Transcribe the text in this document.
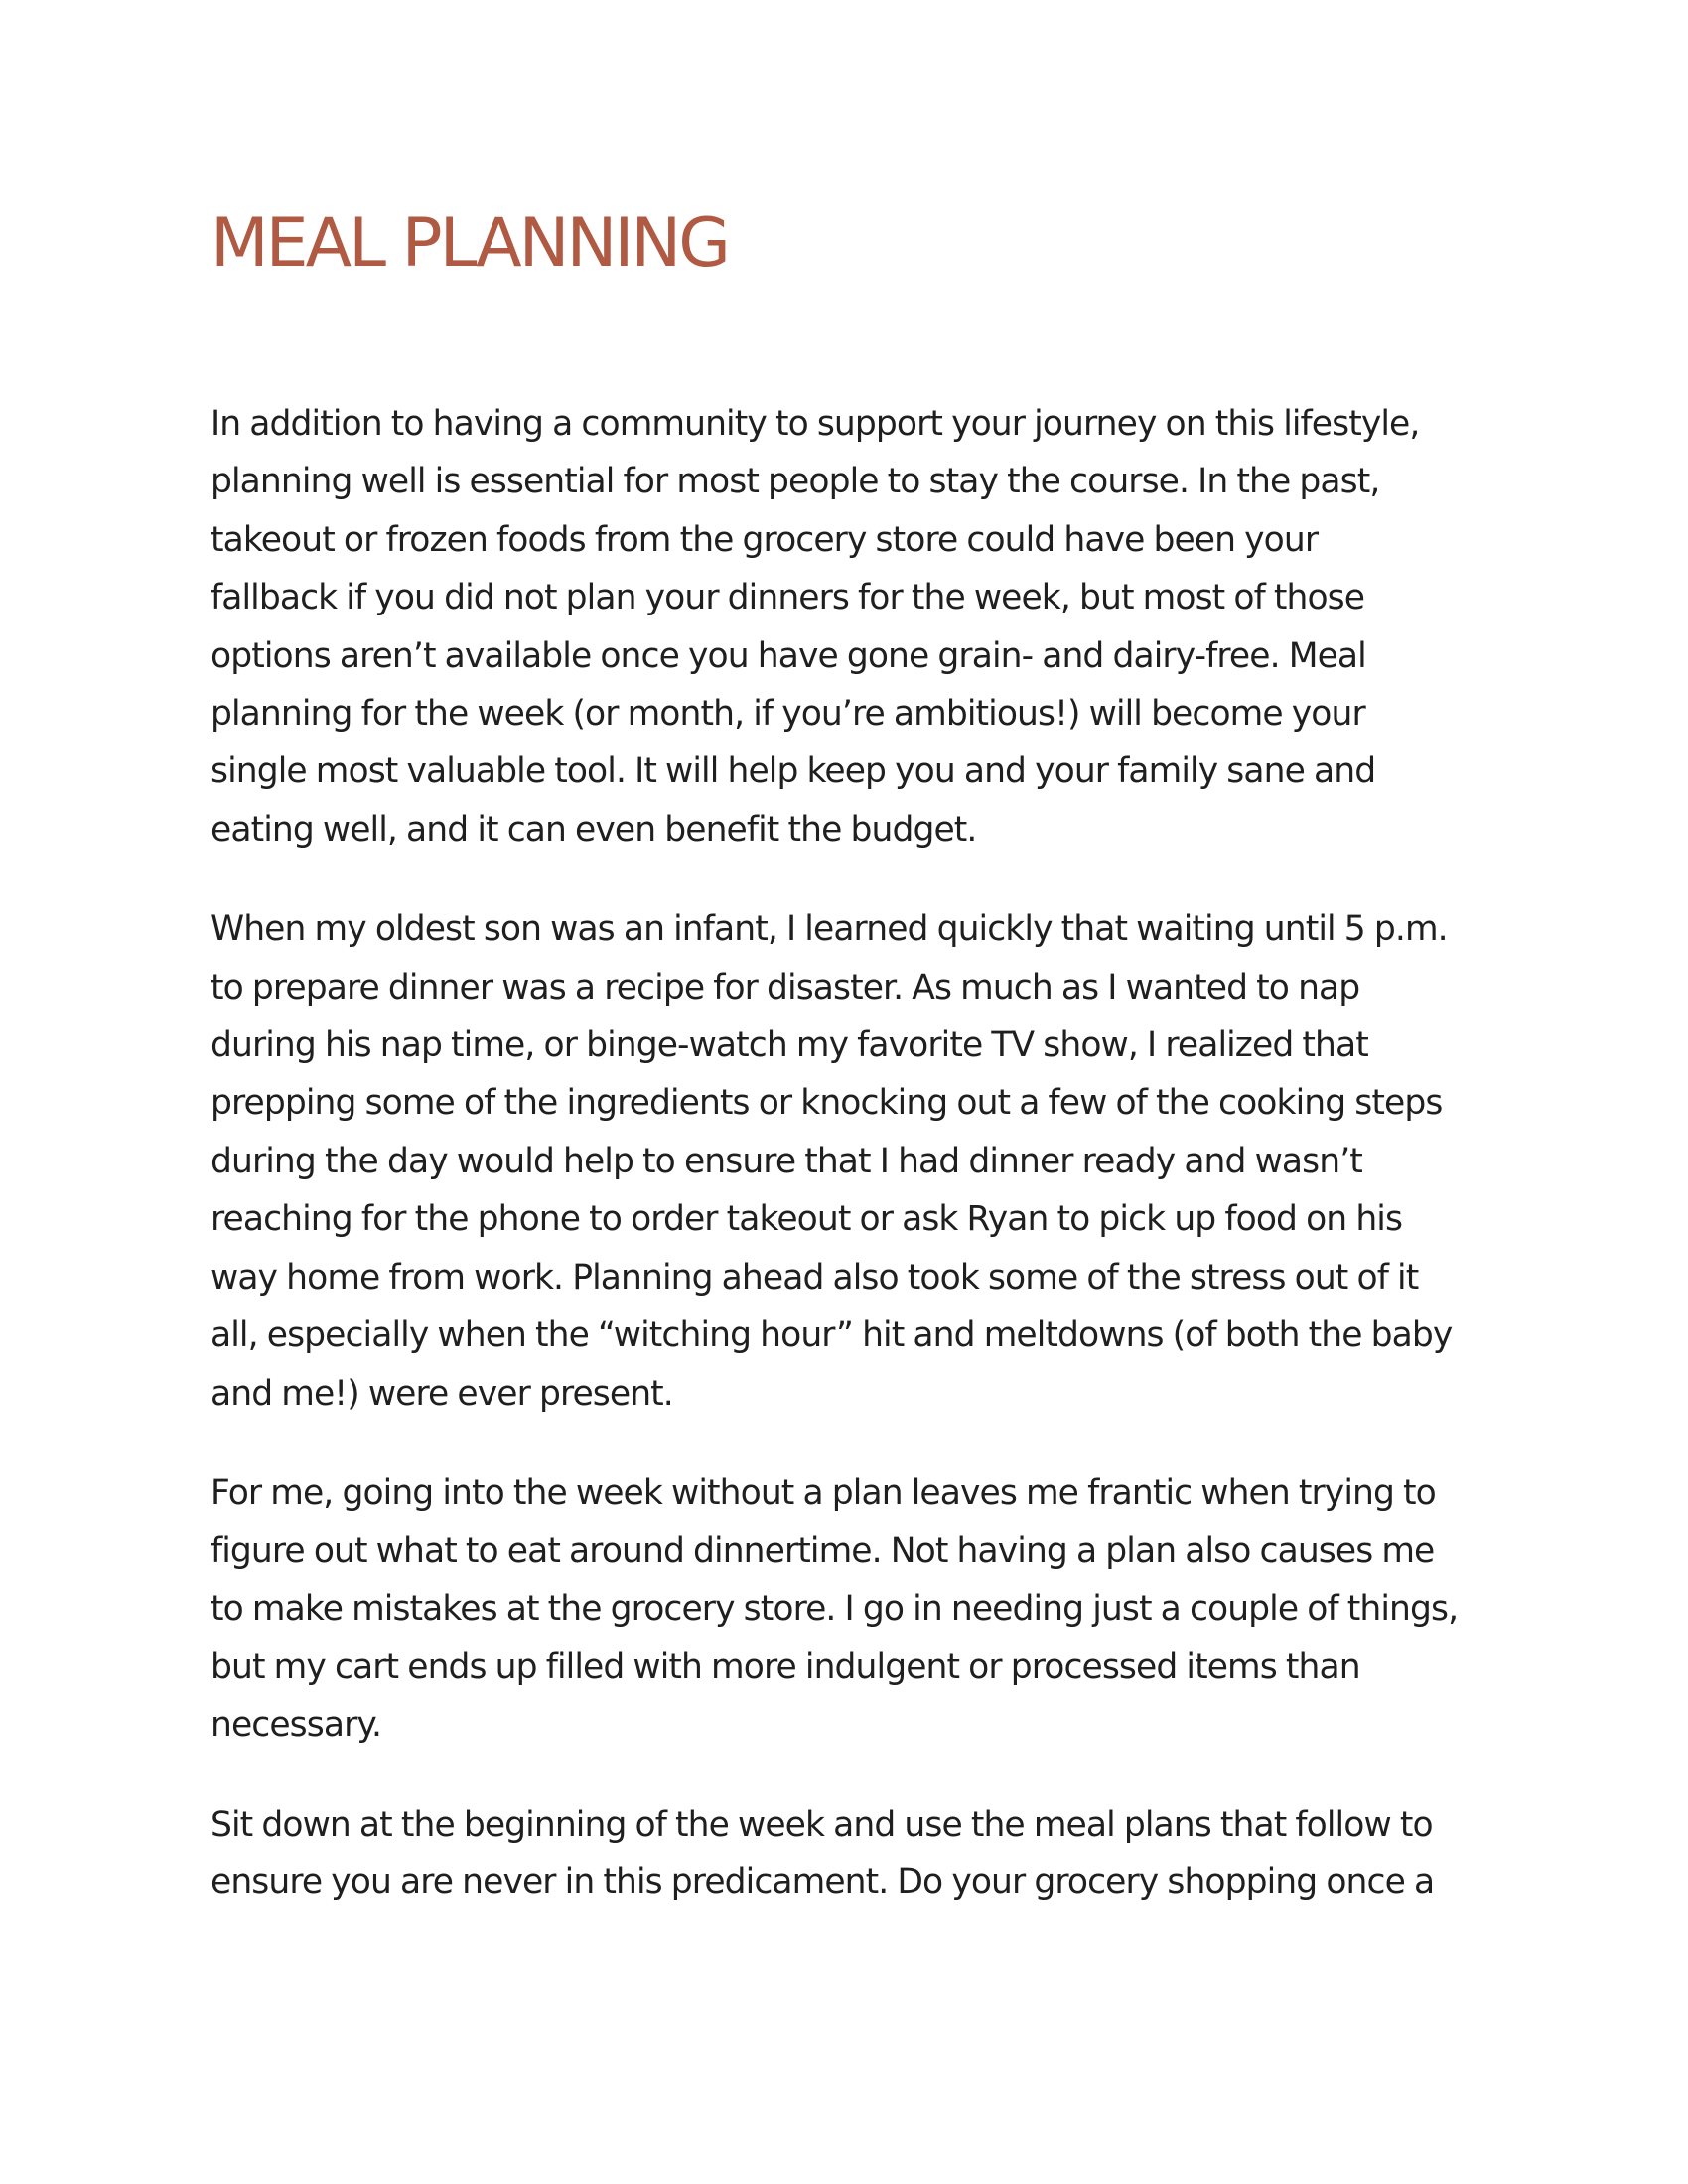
MEAL PLANNING

In addition to having a community to support your journey on this lifestyle,
planning well is essential for most people to stay the course. In the past,
takeout or frozen foods from the grocery store could have been your
fallback if you did not plan your dinners for the week, but most of those
options aren’t available once you have gone grain- and dairy-free. Meal
planning for the week (or month, if you’re ambitious!) will become your
single most valuable tool. It will help keep you and your family sane and
eating well, and it can even benefit the budget.

When my oldest son was an infant, I learned quickly that waiting until 5 p.m.
to prepare dinner was a recipe for disaster. As much as I wanted to nap
during his nap time, or binge-watch my favorite TV show, I realized that
prepping some of the ingredients or knocking out a few of the cooking steps
during the day would help to ensure that I had dinner ready and wasn’t
reaching for the phone to order takeout or ask Ryan to pick up food on his
way home from work. Planning ahead also took some of the stress out of it
all, especially when the “witching hour” hit and meltdowns (of both the baby
and me!) were ever present.

For me, going into the week without a plan leaves me frantic when trying to
figure out what to eat around dinnertime. Not having a plan also causes me
to make mistakes at the grocery store. I go in needing just a couple of things,
but my cart ends up filled with more indulgent or processed items than
necessary.

Sit down at the beginning of the week and use the meal plans that follow to
ensure you are never in this predicament. Do your grocery shopping once a
